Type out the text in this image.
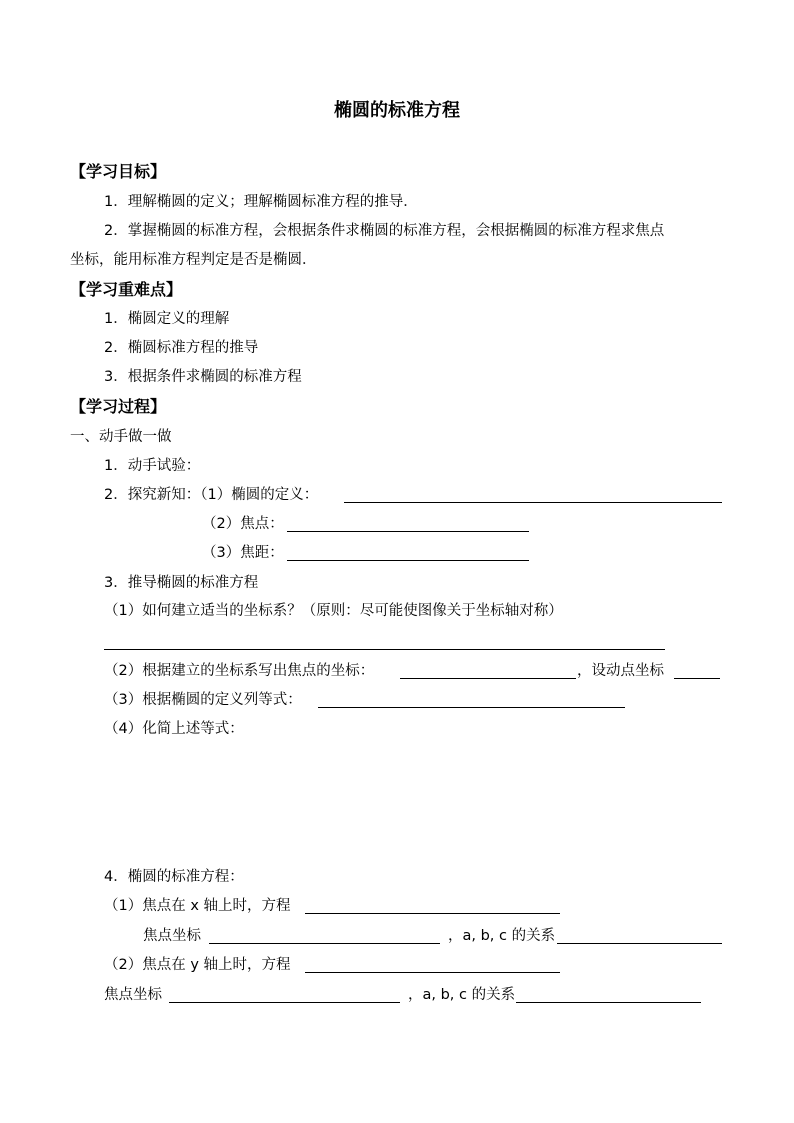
椭圆的标准方程
【学习目标】
1．理解椭圆的定义；理解椭圆标准方程的推导．
2．掌握椭圆的标准方程，会根据条件求椭圆的标准方程，会根据椭圆的标准方程求焦点
坐标，能用标准方程判定是否是椭圆．
【学习重难点】
1．椭圆定义的理解
2．椭圆标准方程的推导
3．根据条件求椭圆的标准方程
【学习过程】
一、动手做一做
1．动手试验：
2．探究新知：（1）椭圆的定义：
（2）焦点：
（3）焦距：
3．推导椭圆的标准方程
（1）如何建立适当的坐标系？（原则：尽可能使图像关于坐标轴对称）
（2）根据建立的坐标系写出焦点的坐标：	，设动点坐标
（3）根据椭圆的定义列等式：
（4）化简上述等式：
4．椭圆的标准方程：
（1）焦点在 x 轴上时，方程
焦点坐标	，a, b, c 的关系
（2）焦点在 y 轴上时，方程
焦点坐标	，a, b, c 的关系
